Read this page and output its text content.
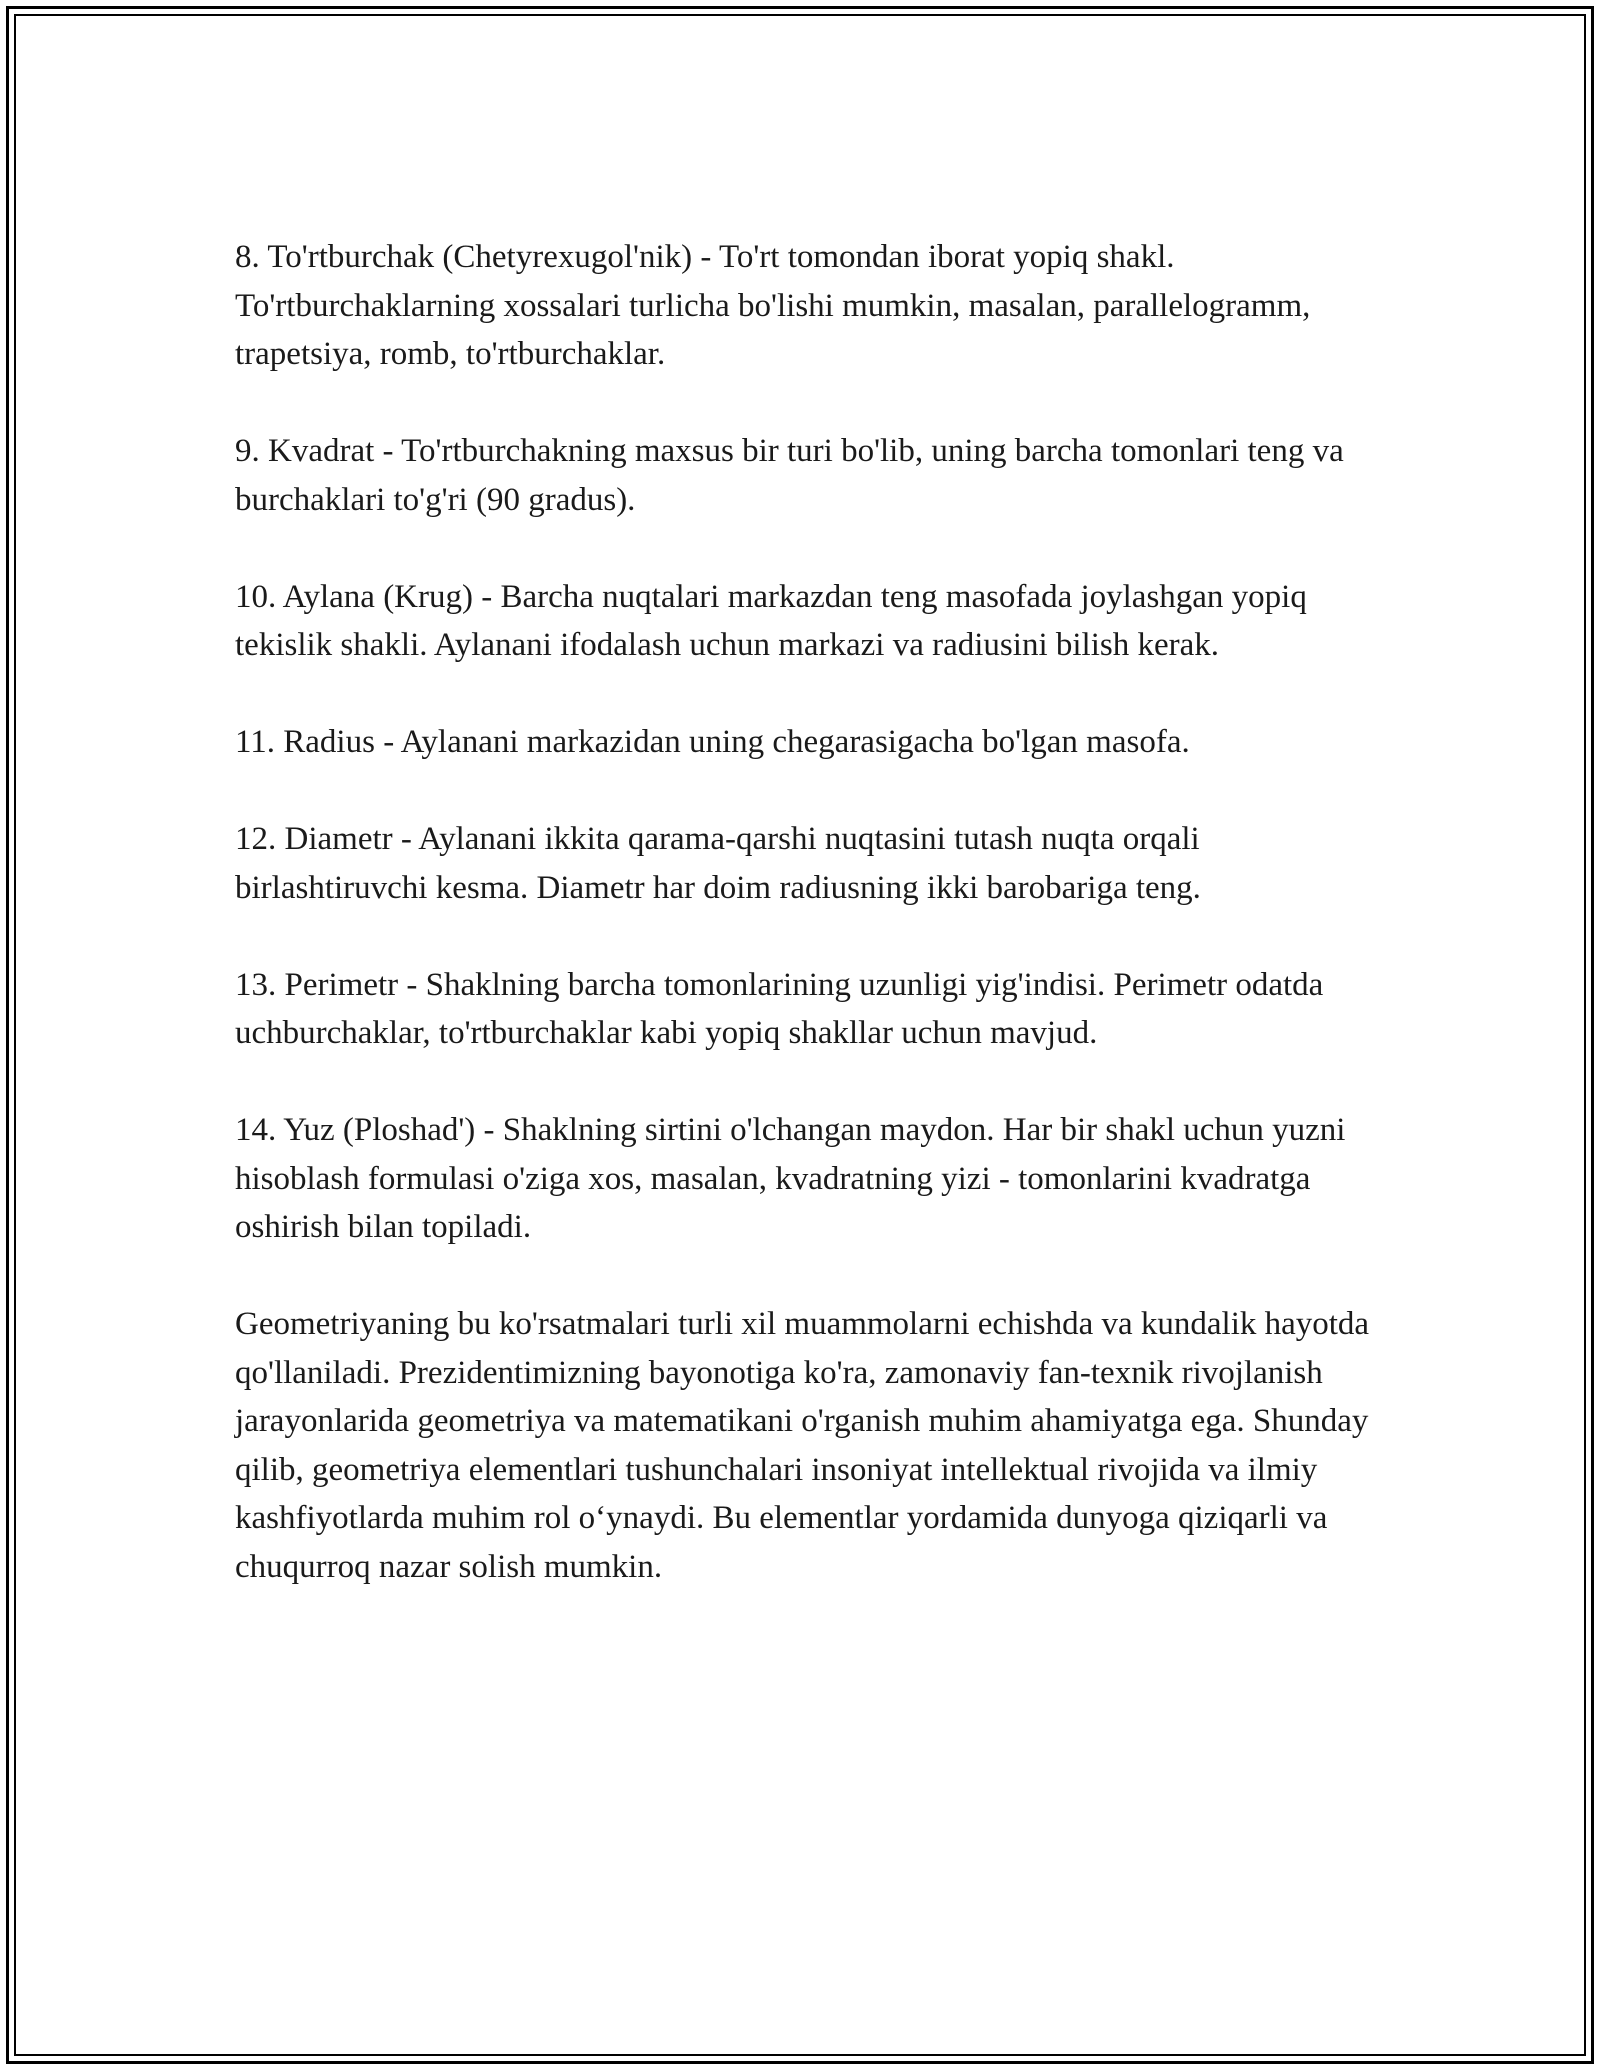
8. To'rtburchak (Chetyrexugol'nik) - To'rt tomondan iborat yopiq shakl. To'rtburchaklarning xossalari turlicha bo'lishi mumkin, masalan, parallelogramm, trapetsiya, romb, to'rtburchaklar.

9. Kvadrat - To'rtburchakning maxsus bir turi bo'lib, uning barcha tomonlari teng va burchaklari to'g'ri (90 gradus).

10. Aylana (Krug) - Barcha nuqtalari markazdan teng masofada joylashgan yopiq tekislik shakli. Aylanani ifodalash uchun markazi va radiusini bilish kerak.

11. Radius - Aylanani markazidan uning chegarasigacha bo'lgan masofa.

12. Diametr - Aylanani ikkita qarama-qarshi nuqtasini tutash nuqta orqali birlashtiruvchi kesma. Diametr har doim radiusning ikki barobariga teng.

13. Perimetr - Shaklning barcha tomonlarining uzunligi yig'indisi. Perimetr odatda uchburchaklar, to'rtburchaklar kabi yopiq shakllar uchun mavjud.

14. Yuz (Ploshad') - Shaklning sirtini o'lchangan maydon. Har bir shakl uchun yuzni hisoblash formulasi o'ziga xos, masalan, kvadratning yizi - tomonlarini kvadratga oshirish bilan topiladi.

Geometriyaning bu ko'rsatmalari turli xil muammolarni echishda va kundalik hayotda qo'llaniladi. Prezidentimizning bayonotiga ko'ra, zamonaviy fan-texnik rivojlanish jarayonlarida geometriya va matematikani o'rganish muhim ahamiyatga ega. Shunday qilib, geometriya elementlari tushunchalari insoniyat intellektual rivojida va ilmiy kashfiyotlarda muhim rol oʻynaydi. Bu elementlar yordamida dunyoga qiziqarli va chuqurroq nazar solish mumkin.
